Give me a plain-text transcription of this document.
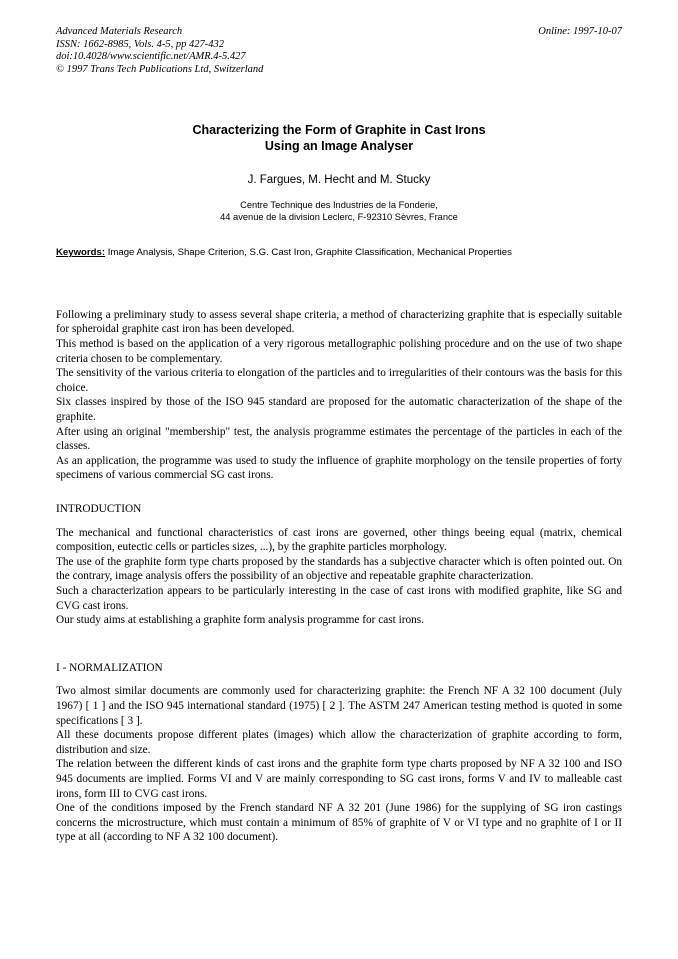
Advanced Materials Research
ISSN: 1662-8985, Vols. 4-5, pp 427-432
doi:10.4028/www.scientific.net/AMR.4-5.427
© 1997 Trans Tech Publications Ltd, Switzerland
Online: 1997-10-07
Characterizing the Form of Graphite in Cast Irons
Using an Image Analyser
J. Fargues, M. Hecht and M. Stucky
Centre Technique des Industries de la Fonderie,
44 avenue de la division Leclerc, F-92310 Sèvres, France
Keywords: Image Analysis, Shape Criterion, S.G. Cast Iron, Graphite Classification, Mechanical Properties

Following a preliminary study to assess several shape criteria, a method of characterizing graphite that is especially suitable for spheroidal graphite cast iron has been developed.

This method is based on the application of a very rigorous metallographic polishing procedure and on the use of two shape criteria chosen to be complementary.

The sensitivity of the various criteria to elongation of the particles and to irregularities of their contours was the basis for this choice.

Six classes inspired by those of the ISO 945 standard are proposed for the automatic characterization of the shape of the graphite.

After using an original "membership" test, the analysis programme estimates the percentage of the particles in each of the classes.

As an application, the programme was used to study the influence of graphite morphology on the tensile properties of forty specimens of various commercial SG cast irons.

INTRODUCTION

The mechanical and functional characteristics of cast irons are governed, other things beeing equal (matrix, chemical composition, eutectic cells or particles sizes, ...), by the graphite particles morphology.

The use of the graphite form type charts proposed by the standards has a subjective character which is often pointed out. On the contrary, image analysis offers the possibility of an objective and repeatable graphite characterization.

Such a characterization appears to be particularly interesting in the case of cast irons with modified graphite, like SG and CVG cast irons.

Our study aims at establishing a graphite form analysis programme for cast irons.

I - NORMALIZATION

Two almost similar documents are commonly used for characterizing graphite: the French NF A 32 100 document (July 1967) [ 1 ] and the ISO 945 international standard (1975) [ 2 ]. The ASTM 247 American testing method is quoted in some specifications [ 3 ].

All these documents propose different plates (images) which allow the characterization of graphite according to form, distribution and size.

The relation between the different kinds of cast irons and the graphite form type charts proposed by NF A 32 100 and ISO 945 documents are implied. Forms VI and V are mainly corresponding to SG cast irons, forms V and IV to malleable cast irons, form III to CVG cast irons.

One of the conditions imposed by the French standard NF A 32 201 (June 1986) for the supplying of SG iron castings concerns the microstructure, which must contain a minimum of 85% of graphite of V or VI type and no graphite of I or II type at all (according to NF A 32 100 document).
